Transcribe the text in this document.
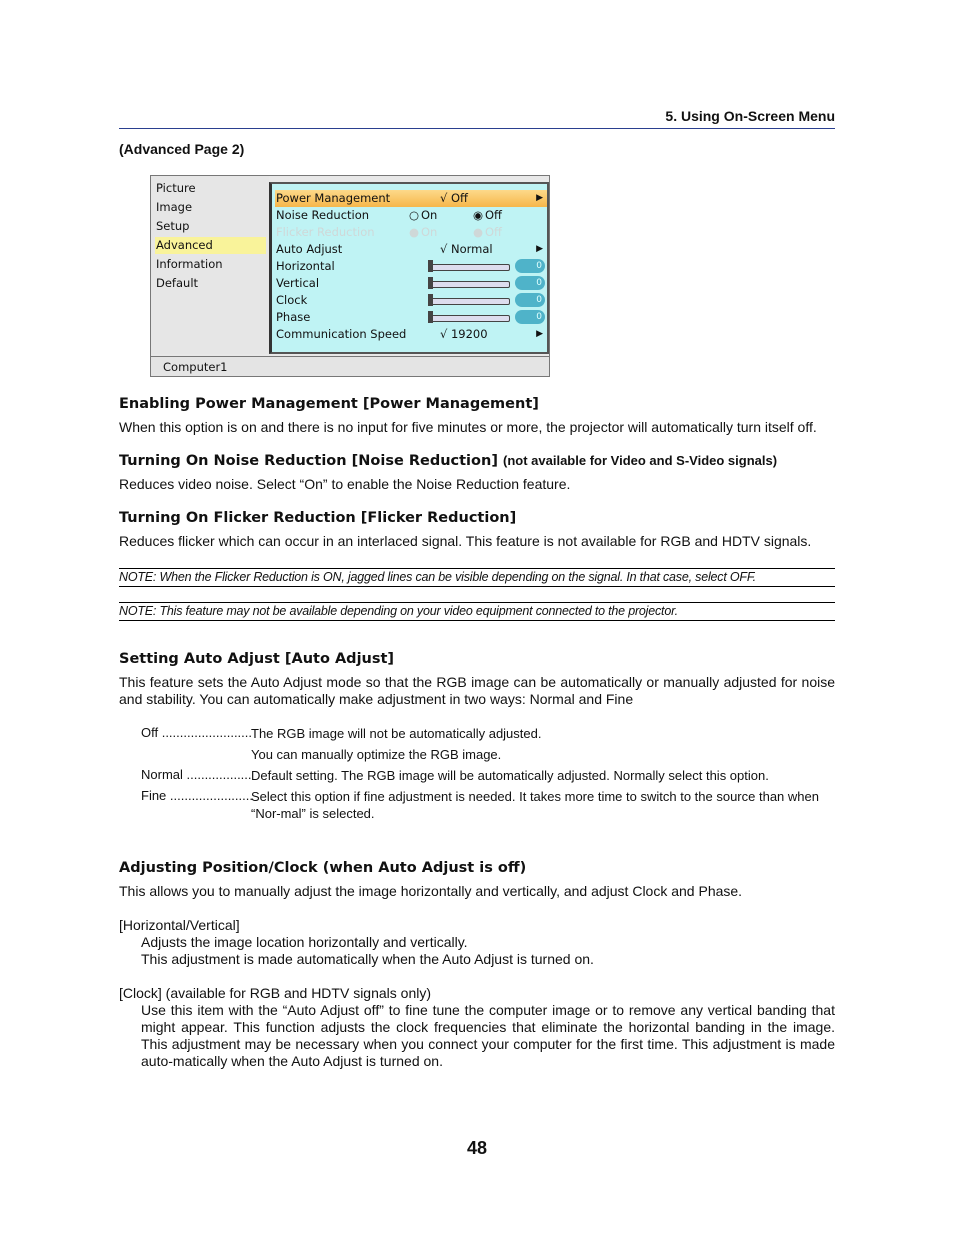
5. Using On-Screen Menu
(Advanced Page 2)
Picture
Image
Setup
Advanced
Information
Default
Power Management	√ Off	▶
Noise Reduction	○ On	◉ Off
Flicker Reduction	● On	● Off
Auto Adjust	√ Normal	▶
Horizontal	0
Vertical	0
Clock	0
Phase	0
Communication Speed	√ 19200	▶
Computer1
Enabling Power Management [Power Management]
When this option is on and there is no input for five minutes or more, the projector will automatically turn itself off.
Turning On Noise Reduction [Noise Reduction] (not available for Video and S-Video signals)
Reduces video noise. Select “On” to enable the Noise Reduction feature.
Turning On Flicker Reduction [Flicker Reduction]
Reduces flicker which can occur in an interlaced signal. This feature is not available for RGB and HDTV signals.
NOTE: When the Flicker Reduction is ON, jagged lines can be visible depending on the signal. In that case, select OFF.
NOTE: This feature may not be available depending on your video equipment connected to the projector.
Setting Auto Adjust [Auto Adjust]
This feature sets the Auto Adjust mode so that the RGB image can be automatically or manually adjusted for noise and stability. You can automatically make adjustment in two ways: Normal and Fine
Off .........................
The RGB image will not be automatically adjusted.
You can manually optimize the RGB image.
Normal .................. Default setting. The RGB image will be automatically adjusted. Normally select this option.
Fine .......................
Select this option if fine adjustment is needed. It takes more time to switch to the source than when “Nor-mal” is selected.
Adjusting Position/Clock (when Auto Adjust is off)
This allows you to manually adjust the image horizontally and vertically, and adjust Clock and Phase.
[Horizontal/Vertical]
Adjusts the image location horizontally and vertically.
This adjustment is made automatically when the Auto Adjust is turned on.
[Clock] (available for RGB and HDTV signals only)
Use this item with the “Auto Adjust off” to fine tune the computer image or to remove any vertical banding that might appear. This function adjusts the clock frequencies that eliminate the horizontal banding in the image. This adjustment may be necessary when you connect your computer for the first time. This adjustment is made auto-matically when the Auto Adjust is turned on.
48
